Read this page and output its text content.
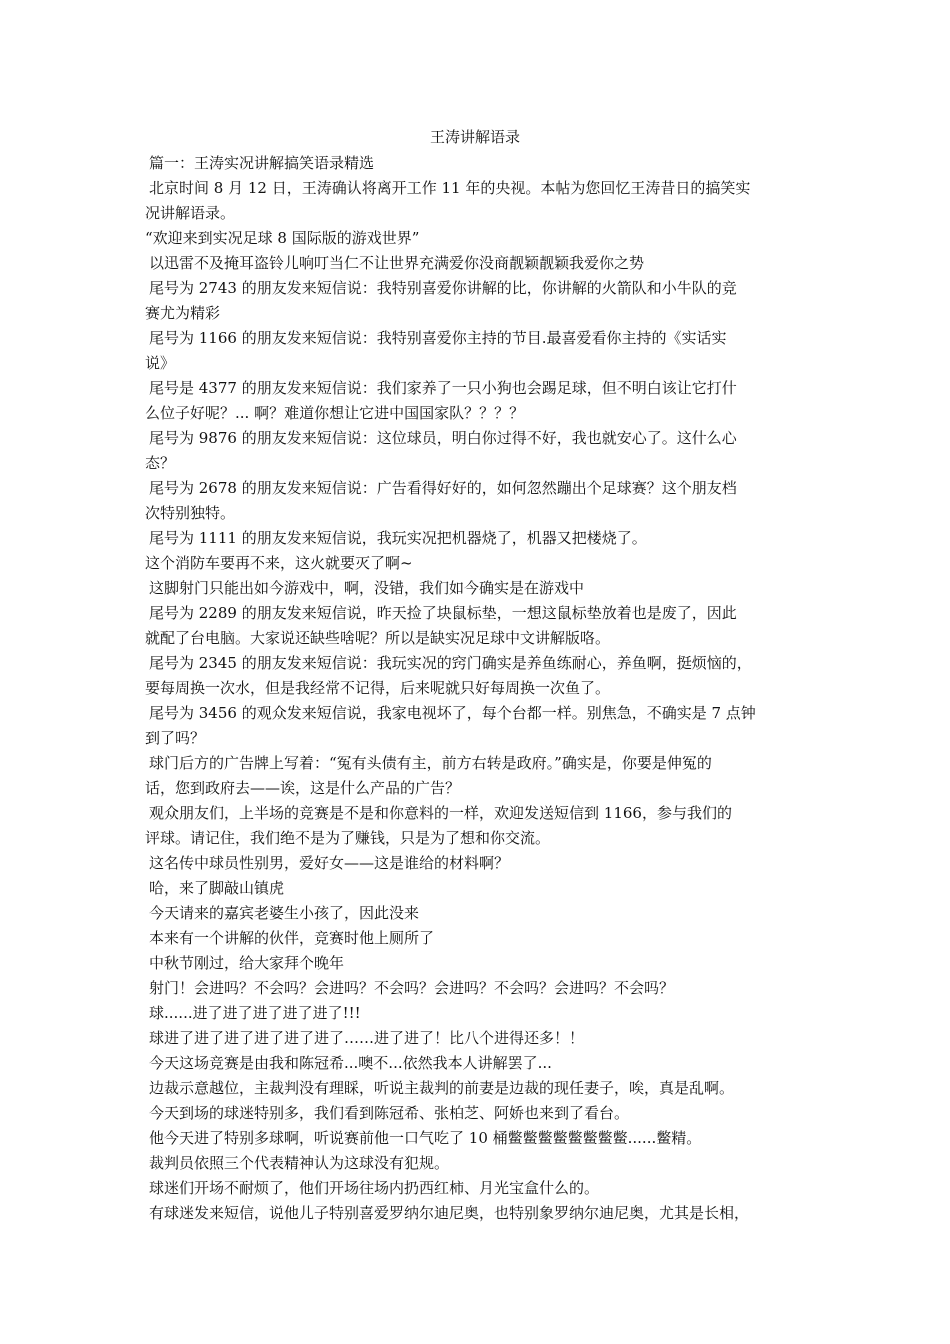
王涛讲解语录
篇一：王涛实况讲解搞笑语录精选
北京时间 8 月 12 日，王涛确认将离开工作 11 年的央视。本帖为您回忆王涛昔日的搞笑实
况讲解语录。
“欢迎来到实况足球 8 国际版的游戏世界”
以迅雷不及掩耳盗铃儿响叮当仁不让世界充满爱你没商靓颖靓颖我爱你之势
尾号为 2743 的朋友发来短信说：我特别喜爱你讲解的比，你讲解的火箭队和小牛队的竞
赛尤为精彩
尾号为 1166 的朋友发来短信说：我特别喜爱你主持的节目.最喜爱看你主持的《实话实
说》
尾号是 4377 的朋友发来短信说：我们家养了一只小狗也会踢足球，但不明白该让它打什
么位子好呢？... 啊？难道你想让它进中国国家队？？？？
尾号为 9876 的朋友发来短信说：这位球员，明白你过得不好，我也就安心了。这什么心
态？
尾号为 2678 的朋友发来短信说：广告看得好好的，如何忽然蹦出个足球赛？这个朋友档
次特别独特。
尾号为 1111 的朋友发来短信说，我玩实况把机器烧了，机器又把楼烧了。
这个消防车要再不来，这火就要灭了啊~
这脚射门只能出如今游戏中，啊，没错，我们如今确实是在游戏中
尾号为 2289 的朋友发来短信说，昨天捡了块鼠标垫，一想这鼠标垫放着也是废了，因此
就配了台电脑。大家说还缺些啥呢？所以是缺实况足球中文讲解版咯。
尾号为 2345 的朋友发来短信说：我玩实况的窍门确实是养鱼练耐心，养鱼啊，挺烦恼的，
要每周换一次水，但是我经常不记得，后来呢就只好每周换一次鱼了。
尾号为 3456 的观众发来短信说，我家电视坏了，每个台都一样。别焦急，不确实是 7 点钟
到了吗？
球门后方的广告牌上写着：“冤有头债有主，前方右转是政府。”确实是，你要是伸冤的
话，您到政府去——诶，这是什么产品的广告？
观众朋友们，上半场的竞赛是不是和你意料的一样，欢迎发送短信到 1166，参与我们的
评球。请记住，我们绝不是为了赚钱，只是为了想和你交流。
这名传中球员性别男，爱好女——这是谁给的材料啊？
哈，来了脚敲山镇虎
今天请来的嘉宾老婆生小孩了，因此没来
本来有一个讲解的伙伴，竞赛时他上厕所了
中秋节刚过，给大家拜个晚年
射门！会进吗？不会吗？会进吗？不会吗？会进吗？不会吗？会进吗？不会吗？
球......进了进了进了进了进了!!!
球进了进了进了进了进了进了……进了进了！比八个进得还多！！
今天这场竞赛是由我和陈冠希...噢不...依然我本人讲解罢了...
边裁示意越位，主裁判没有理睬，听说主裁判的前妻是边裁的现任妻子，唉，真是乱啊。
今天到场的球迷特别多，我们看到陈冠希、张柏芝、阿娇也来到了看台。
他今天进了特别多球啊，听说赛前他一口气吃了 10 桶鳖鳖鳖鳖鳖鳖鳖鳖......鳖精。
裁判员依照三个代表精神认为这球没有犯规。
球迷们开场不耐烦了，他们开场往场内扔西红柿、月光宝盒什么的。
有球迷发来短信，说他儿子特别喜爱罗纳尔迪尼奥，也特别象罗纳尔迪尼奥，尤其是长相，
